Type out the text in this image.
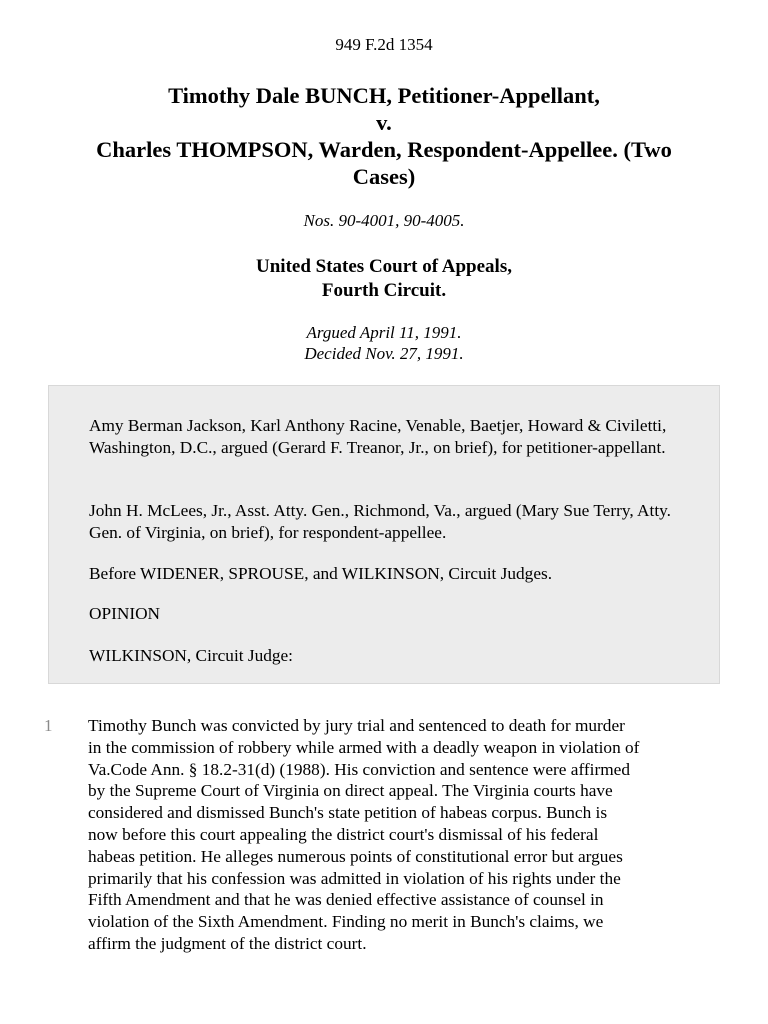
949 F.2d 1354
Timothy Dale BUNCH, Petitioner-Appellant,
v.
Charles THOMPSON, Warden, Respondent-Appellee. (Two
Cases)
Nos. 90-4001, 90-4005.
United States Court of Appeals,
Fourth Circuit.
Argued April 11, 1991.
Decided Nov. 27, 1991.

Amy Berman Jackson, Karl Anthony Racine, Venable, Baetjer, Howard & Civiletti, Washington, D.C., argued (Gerard F. Treanor, Jr., on brief), for petitioner-appellant.

John H. McLees, Jr., Asst. Atty. Gen., Richmond, Va., argued (Mary Sue Terry, Atty. Gen. of Virginia, on brief), for respondent-appellee.

Before WIDENER, SPROUSE, and WILKINSON, Circuit Judges.

OPINION

WILKINSON, Circuit Judge:

1 Timothy Bunch was convicted by jury trial and sentenced to death for murder
in the commission of robbery while armed with a deadly weapon in violation of
Va.Code Ann. § 18.2-31(d) (1988). His conviction and sentence were affirmed
by the Supreme Court of Virginia on direct appeal. The Virginia courts have
considered and dismissed Bunch's state petition of habeas corpus. Bunch is
now before this court appealing the district court's dismissal of his federal
habeas petition. He alleges numerous points of constitutional error but argues
primarily that his confession was admitted in violation of his rights under the
Fifth Amendment and that he was denied effective assistance of counsel in
violation of the Sixth Amendment. Finding no merit in Bunch's claims, we
affirm the judgment of the district court.
